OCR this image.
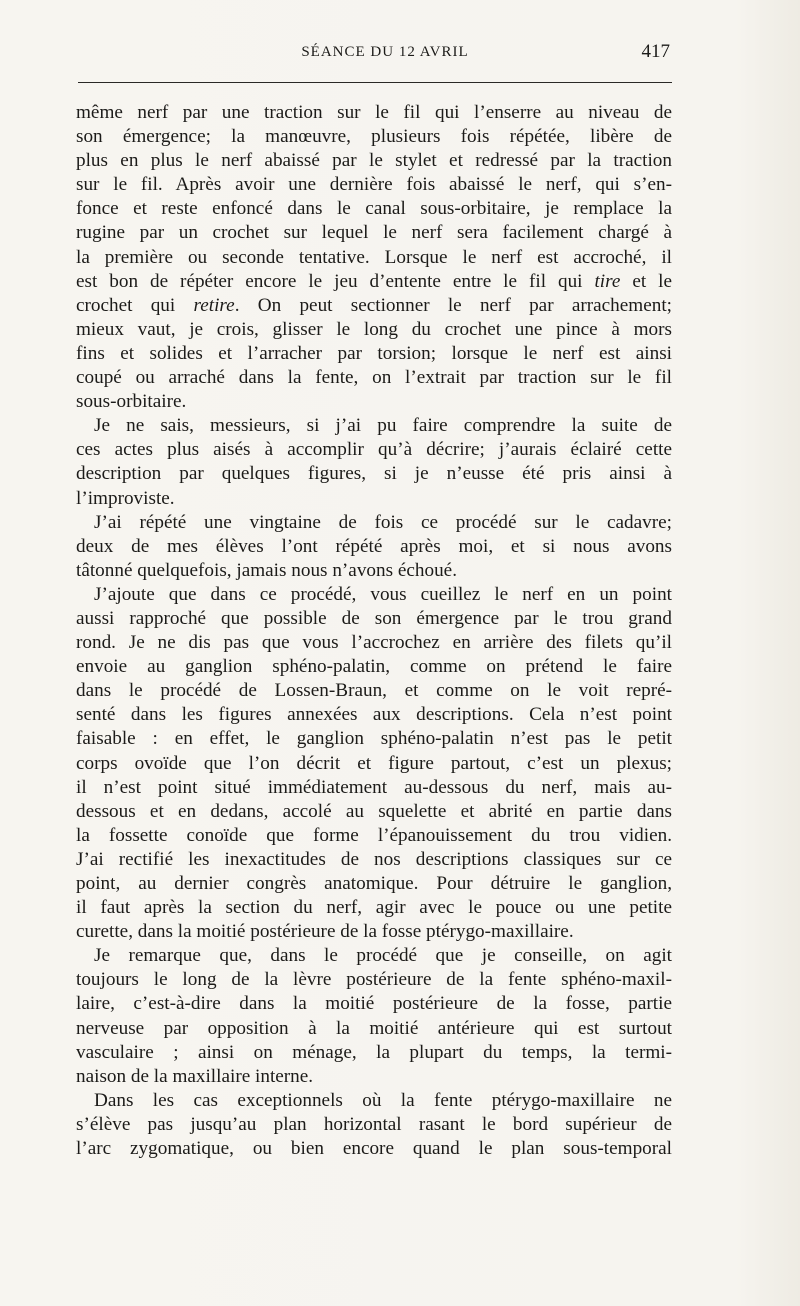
SÉANCE DU 12 AVRIL	417
même nerf par une traction sur le fil qui l’enserre au niveau de
son émergence; la manœuvre, plusieurs fois répétée, libère de
plus en plus le nerf abaissé par le stylet et redressé par la traction
sur le fil. Après avoir une dernière fois abaissé le nerf, qui s’en-
fonce et reste enfoncé dans le canal sous-orbitaire, je remplace la
rugine par un crochet sur lequel le nerf sera facilement chargé à
la première ou seconde tentative. Lorsque le nerf est accroché, il
est bon de répéter encore le jeu d’entente entre le fil qui tire et le
crochet qui retire. On peut sectionner le nerf par arrachement;
mieux vaut, je crois, glisser le long du crochet une pince à mors
fins et solides et l’arracher par torsion; lorsque le nerf est ainsi
coupé ou arraché dans la fente, on l’extrait par traction sur le fil
sous-orbitaire.
Je ne sais, messieurs, si j’ai pu faire comprendre la suite de
ces actes plus aisés à accomplir qu’à décrire; j’aurais éclairé cette
description par quelques figures, si je n’eusse été pris ainsi à
l’improviste.
J’ai répété une vingtaine de fois ce procédé sur le cadavre;
deux de mes élèves l’ont répété après moi, et si nous avons
tâtonné quelquefois, jamais nous n’avons échoué.
J’ajoute que dans ce procédé, vous cueillez le nerf en un point
aussi rapproché que possible de son émergence par le trou grand
rond. Je ne dis pas que vous l’accrochez en arrière des filets qu’il
envoie au ganglion sphéno-palatin, comme on prétend le faire
dans le procédé de Lossen-Braun, et comme on le voit repré-
senté dans les figures annexées aux descriptions. Cela n’est point
faisable : en effet, le ganglion sphéno-palatin n’est pas le petit
corps ovoïde que l’on décrit et figure partout, c’est un plexus;
il n’est point situé immédiatement au-dessous du nerf, mais au-
dessous et en dedans, accolé au squelette et abrité en partie dans
la fossette conoïde que forme l’épanouissement du trou vidien.
J’ai rectifié les inexactitudes de nos descriptions classiques sur ce
point, au dernier congrès anatomique. Pour détruire le ganglion,
il faut après la section du nerf, agir avec le pouce ou une petite
curette, dans la moitié postérieure de la fosse ptérygo-maxillaire.
Je remarque que, dans le procédé que je conseille, on agit
toujours le long de la lèvre postérieure de la fente sphéno-maxil-
laire, c’est-à-dire dans la moitié postérieure de la fosse, partie
nerveuse par opposition à la moitié antérieure qui est surtout
vasculaire ; ainsi on ménage, la plupart du temps, la termi-
naison de la maxillaire interne.
Dans les cas exceptionnels où la fente ptérygo-maxillaire ne
s’élève pas jusqu’au plan horizontal rasant le bord supérieur de
l’arc zygomatique, ou bien encore quand le plan sous-temporal
